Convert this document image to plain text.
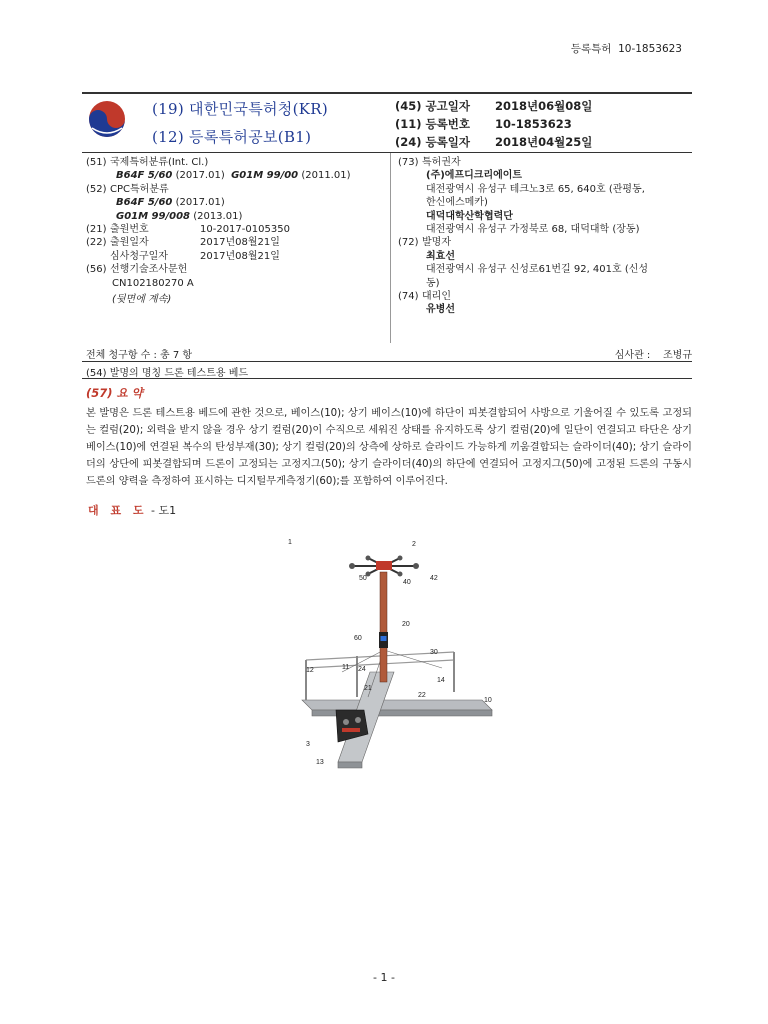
등록특허 10-1853623
(19) 대한민국특허청(KR)
(12) 등록특허공보(B1)
(45) 공고일자 2018년06월08일
(11) 등록번호 10-1853623
(24) 등록일자 2018년04월25일
(51) 국제특허분류(Int. Cl.)
B64F 5/60
(2017.01)
G01M 99/00
(2011.01)
(52) CPC특허분류
B64F 5/60
(2017.01)
G01M 99/008
(2013.01)
(21) 출원번호	10-2017-0105350
(22) 출원일자	2017년08월21일
심사청구일자	2017년08월21일
(56) 선행기술조사문헌
CN102180270 A
(뒷면에 계속)
(73) 특허권자
(주)에프디크리에이트
대전광역시 유성구 테크노3로 65, 640호 (관평동,
한신에스메카)
대덕대학산학협력단
대전광역시 유성구 가정북로 68, 대덕대학 (장동)
(72) 발명자
최효선
대전광역시 유성구 신성로61번길 92, 401호 (신성
동)
(74) 대리인
유병선
전체 청구항 수 : 총 7 항	심사관 : 조병규
(54) 발명의 명칭 드론 테스트용 베드
(57) 요 약
본 발명은 드론 테스트용 베드에 관한 것으로, 베이스(10); 상기 베이스(10)에 하단이 피봇결합되어 사방으로 기울어질 수 있도록 고정되는 컬럼(20); 외력을 받지 않을 경우 상기 컬럼(20)이 수직으로 세워진 상태를 유지하도록 상기 컬럼(20)에 일단이 연결되고 타단은 상기 베이스(10)에 연결된 복수의 탄성부재(30); 상기 컬럼(20)의 상측에 상하로 슬라이드 가능하게 끼움결합되는 슬라이더(40); 상기 슬라이더의 상단에 피봇결합되며 드론이 고정되는 고정지그(50); 상기 슬라이더(40)의 하단에 연결되어 고정지그(50)에 고정된 드론의 구동시 드론의 양력을 측정하여 표시하는 디지털무게측정기(60);를 포함하여 이루어진다.
대 표 도 - 도1
1	2
50
40
42
20
60
30
12	11 24
14
21
22
10
3
13
- 1 -
